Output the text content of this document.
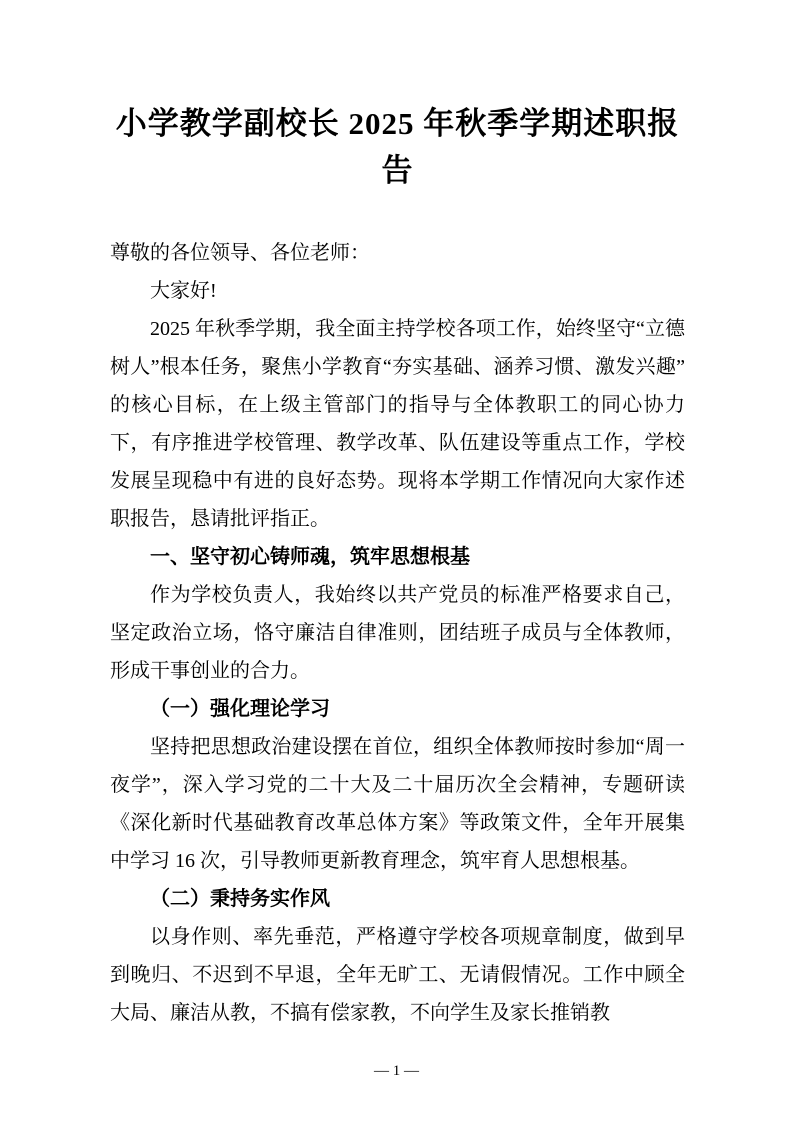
小学教学副校长 2025 年秋季学期述职报告

尊敬的各位领导、各位老师：

大家好!

2025 年秋季学期，我全面主持学校各项工作，始终坚守“立德树人”根本任务，聚焦小学教育“夯实基础、涵养习惯、激发兴趣”的核心目标，在上级主管部门的指导与全体教职工的同心协力下，有序推进学校管理、教学改革、队伍建设等重点工作，学校发展呈现稳中有进的良好态势。现将本学期工作情况向大家作述职报告，恳请批评指正。

一、坚守初心铸师魂，筑牢思想根基

作为学校负责人，我始终以共产党员的标准严格要求自己，坚定政治立场，恪守廉洁自律准则，团结班子成员与全体教师，形成干事创业的合力。

（一）强化理论学习

坚持把思想政治建设摆在首位，组织全体教师按时参加“周一夜学”，深入学习党的二十大及二十届历次全会精神，专题研读《深化新时代基础教育改革总体方案》等政策文件，全年开展集中学习 16 次，引导教师更新教育理念，筑牢育人思想根基。

（二）秉持务实作风

以身作则、率先垂范，严格遵守学校各项规章制度，做到早到晚归、不迟到不早退，全年无旷工、无请假情况。工作中顾全大局、廉洁从教，不搞有偿家教，不向学生及家长推销教

— 1 —
